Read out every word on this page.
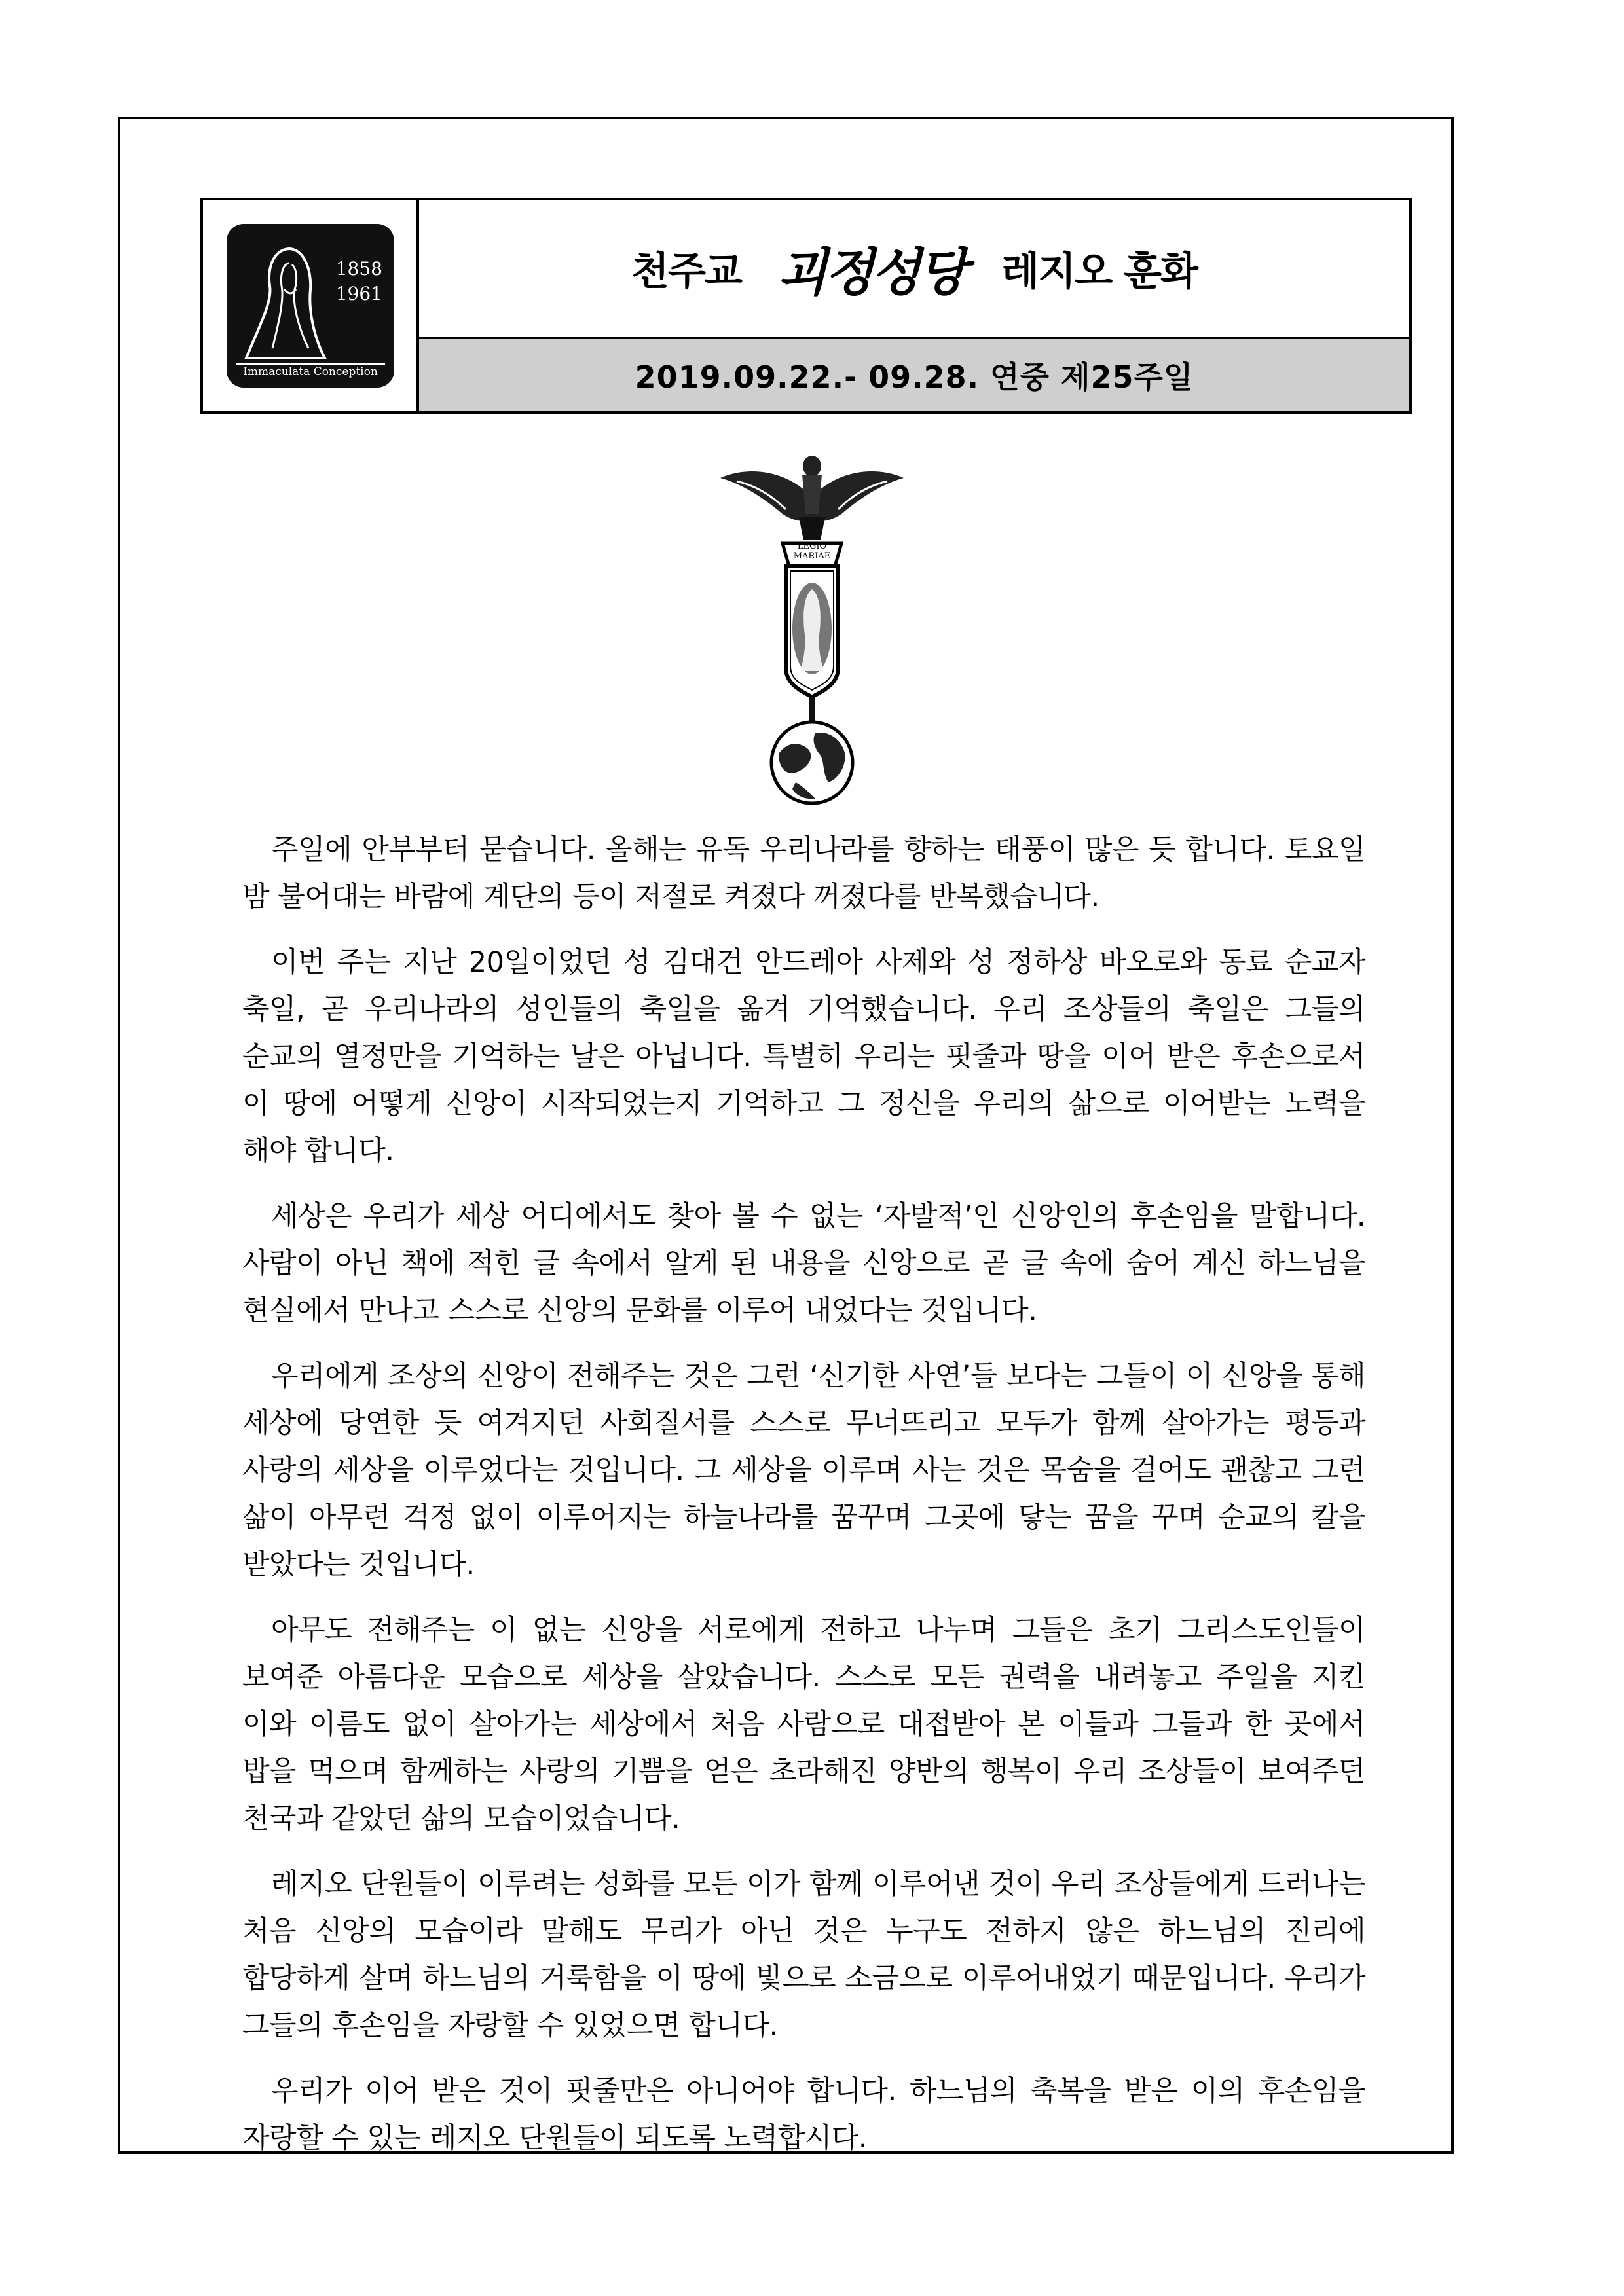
1858
1961
Immaculata Conception
천주교 괴정성당 레지오 훈화
2019.09.22.- 09.28. 연중 제25주일
LEGIO
MARIAE

주일에 안부부터 묻습니다. 올해는 유독 우리나라를 향하는 태풍이 많은 듯 합니다. 토요일 밤 불어대는 바람에 계단의 등이 저절로 켜졌다 꺼졌다를 반복했습니다.

이번 주는 지난 20일이었던 성 김대건 안드레아 사제와 성 정하상 바오로와 동료 순교자 축일, 곧 우리나라의 성인들의 축일을 옮겨 기억했습니다. 우리 조상들의 축일은 그들의 순교의 열정만을 기억하는 날은 아닙니다. 특별히 우리는 핏줄과 땅을 이어 받은 후손으로서 이 땅에 어떻게 신앙이 시작되었는지 기억하고 그 정신을 우리의 삶으로 이어받는 노력을 해야 합니다.

세상은 우리가 세상 어디에서도 찾아 볼 수 없는 ‘자발적’인 신앙인의 후손임을 말합니다. 사람이 아닌 책에 적힌 글 속에서 알게 된 내용을 신앙으로 곧 글 속에 숨어 계신 하느님을 현실에서 만나고 스스로 신앙의 문화를 이루어 내었다는 것입니다.

우리에게 조상의 신앙이 전해주는 것은 그런 ‘신기한 사연’들 보다는 그들이 이 신앙을 통해 세상에 당연한 듯 여겨지던 사회질서를 스스로 무너뜨리고 모두가 함께 살아가는 평등과 사랑의 세상을 이루었다는 것입니다. 그 세상을 이루며 사는 것은 목숨을 걸어도 괜찮고 그런 삶이 아무런 걱정 없이 이루어지는 하늘나라를 꿈꾸며 그곳에 닿는 꿈을 꾸며 순교의 칼을 받았다는 것입니다.

아무도 전해주는 이 없는 신앙을 서로에게 전하고 나누며 그들은 초기 그리스도인들이 보여준 아름다운 모습으로 세상을 살았습니다. 스스로 모든 권력을 내려놓고 주일을 지킨 이와 이름도 없이 살아가는 세상에서 처음 사람으로 대접받아 본 이들과 그들과 한 곳에서 밥을 먹으며 함께하는 사랑의 기쁨을 얻은 초라해진 양반의 행복이 우리 조상들이 보여주던 천국과 같았던 삶의 모습이었습니다.

레지오 단원들이 이루려는 성화를 모든 이가 함께 이루어낸 것이 우리 조상들에게 드러나는 처음 신앙의 모습이라 말해도 무리가 아닌 것은 누구도 전하지 않은 하느님의 진리에 합당하게 살며 하느님의 거룩함을 이 땅에 빛으로 소금으로 이루어내었기 때문입니다. 우리가 그들의 후손임을 자랑할 수 있었으면 합니다.

우리가 이어 받은 것이 핏줄만은 아니어야 합니다. 하느님의 축복을 받은 이의 후손임을 자랑할 수 있는 레지오 단원들이 되도록 노력합시다.
